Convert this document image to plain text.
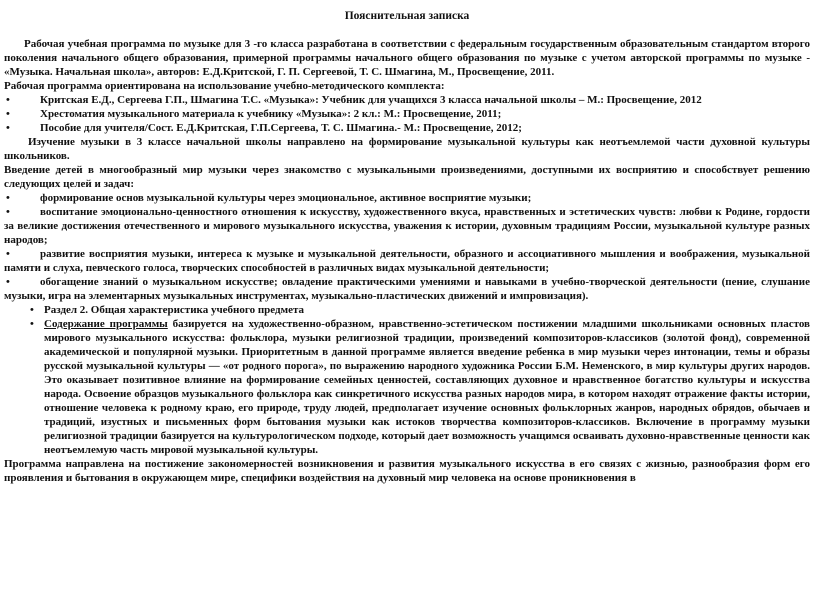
Пояснительная записка

Рабочая учебная программа по музыке для 3 -го класса разработана в соответствии с федеральным государственным образовательным стандартом второго поколения начального общего образования, примерной программы начального общего образования по музыке с учетом авторской программы по музыке - «Музыка. Начальная школа», авторов: Е.Д.Критской, Г. П. Сергеевой, Т. С. Шмагина, М., Просвещение, 2011.

Рабочая программа ориентирована на использование учебно-методического комплекта:

•	Критская Е.Д., Сергеева Г.П., Шмагина Т.С. «Музыка»: Учебник для учащихся 3 класса начальной школы – М.: Просвещение, 2012
•	Хрестоматия музыкального материала к учебнику «Музыка»: 2 кл.: М.: Просвещение, 2011;
•	Пособие для учителя/Сост. Е.Д.Критская, Г.П.Сергеева, Т. С. Шмагина.- М.: Просвещение, 2012;

Изучение музыки в 3 классе начальной школы направлено на формирование музыкальной культуры как неотъемлемой части духовной культуры школьников.

Введение детей в многообразный мир музыки через знакомство с музыкальными произведениями, доступными их восприятию и способствует решению следующих целей и задач:

•	формирование основ музыкальной культуры через эмоциональное, активное восприятие музыки;
•	воспитание эмоционально-ценностного отношения к искусству, художественного вкуса, нравственных и эстетических чувств: любви к Родине, гордости за великие достижения отечественного и мирового музыкального искусства, уважения к истории, духовным традициям России, музыкальной культуре разных народов;
•	развитие восприятия музыки, интереса к музыке и музыкальной деятельности, образного и ассоциативного мышления и воображения, музыкальной памяти и слуха, певческого голоса, творческих способностей в различных видах музыкальной деятельности;
•	обогащение знаний о музыкальном искусстве; овладение практическими умениями и навыками в учебно-творческой деятельности (пение, слушание музыки, игра на элементарных музыкальных инструментах, музыкально-пластических движений и импровизация).
• Раздел 2. Общая характеристика учебного предмета
• Содержание программы базируется на художественно-образном, нравственно-эстетическом постижении младшими школьниками основных пластов мирового музыкального искусства: фольклора, музыки религиозной традиции, произведений композиторов-классиков (золотой фонд), современной академической и популярной музыки. Приоритетным в данной программе является введение ребенка в мир музыки через интонации, темы и образы русской музыкальной культуры — «от родного порога», по выражению народного художника России Б.М. Неменского, в мир культуры других народов. Это оказывает позитивное влияние на формирование семейных ценностей, составляющих духовное и нравственное богатство культуры и искусства народа. Освоение образцов музыкального фольклора как синкретичного искусства разных народов мира, в котором находят отражение факты истории, отношение человека к родному краю, его природе, труду людей, предполагает изучение основных фольклорных жанров, народных обрядов, обычаев и традиций, изустных и письменных форм бытования музыки как истоков творчества композиторов-классиков. Включение в программу музыки религиозной традиции базируется на культурологическом подходе, который дает возможность учащимся осваивать духовно-нравственные ценности как неотъемлемую часть мировой музыкальной культуры.

Программа направлена на постижение закономерностей возникновения и развития музыкального искусства в его связях с жизнью, разнообразия форм его проявления и бытования в окружающем мире, специфики воздействия на духовный мир человека на основе проникновения в
